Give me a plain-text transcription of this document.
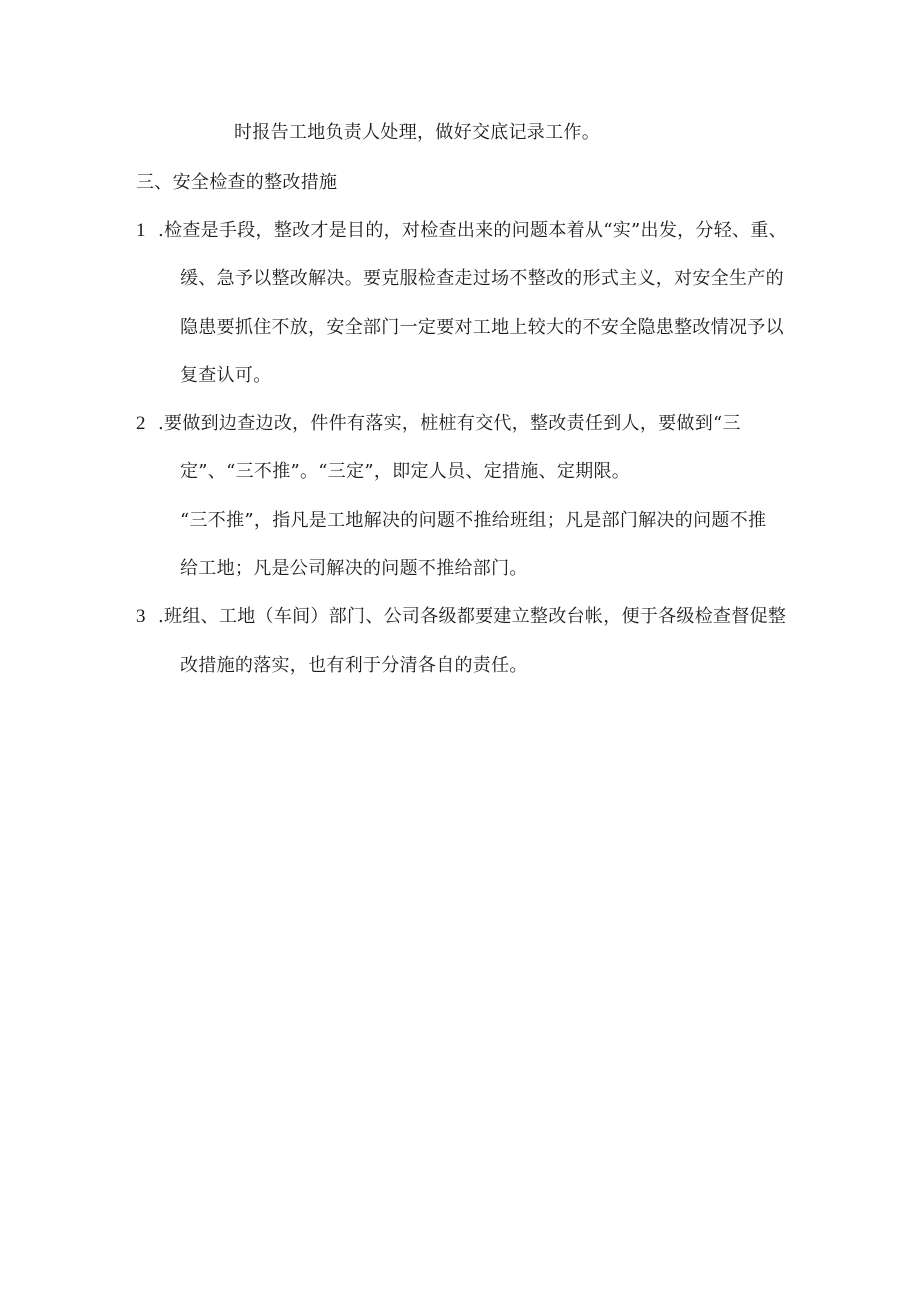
时报告工地负责人处理，做好交底记录工作。
三、安全检查的整改措施
1 .检查是手段，整改才是目的，对检查出来的问题本着从“实”出发，分轻、重、
缓、急予以整改解决。要克服检查走过场不整改的形式主义，对安全生产的
隐患要抓住不放，安全部门一定要对工地上较大的不安全隐患整改情况予以
复查认可。
2 .要做到边查边改，件件有落实，桩桩有交代，整改责任到人，要做到“三
定”、“三不推”。“三定”，即定人员、定措施、定期限。
“三不推”，指凡是工地解决的问题不推给班组；凡是部门解决的问题不推
给工地；凡是公司解决的问题不推给部门。
3 .班组、工地（车间）部门、公司各级都要建立整改台帐，便于各级检查督促整
改措施的落实，也有利于分清各自的责任。
